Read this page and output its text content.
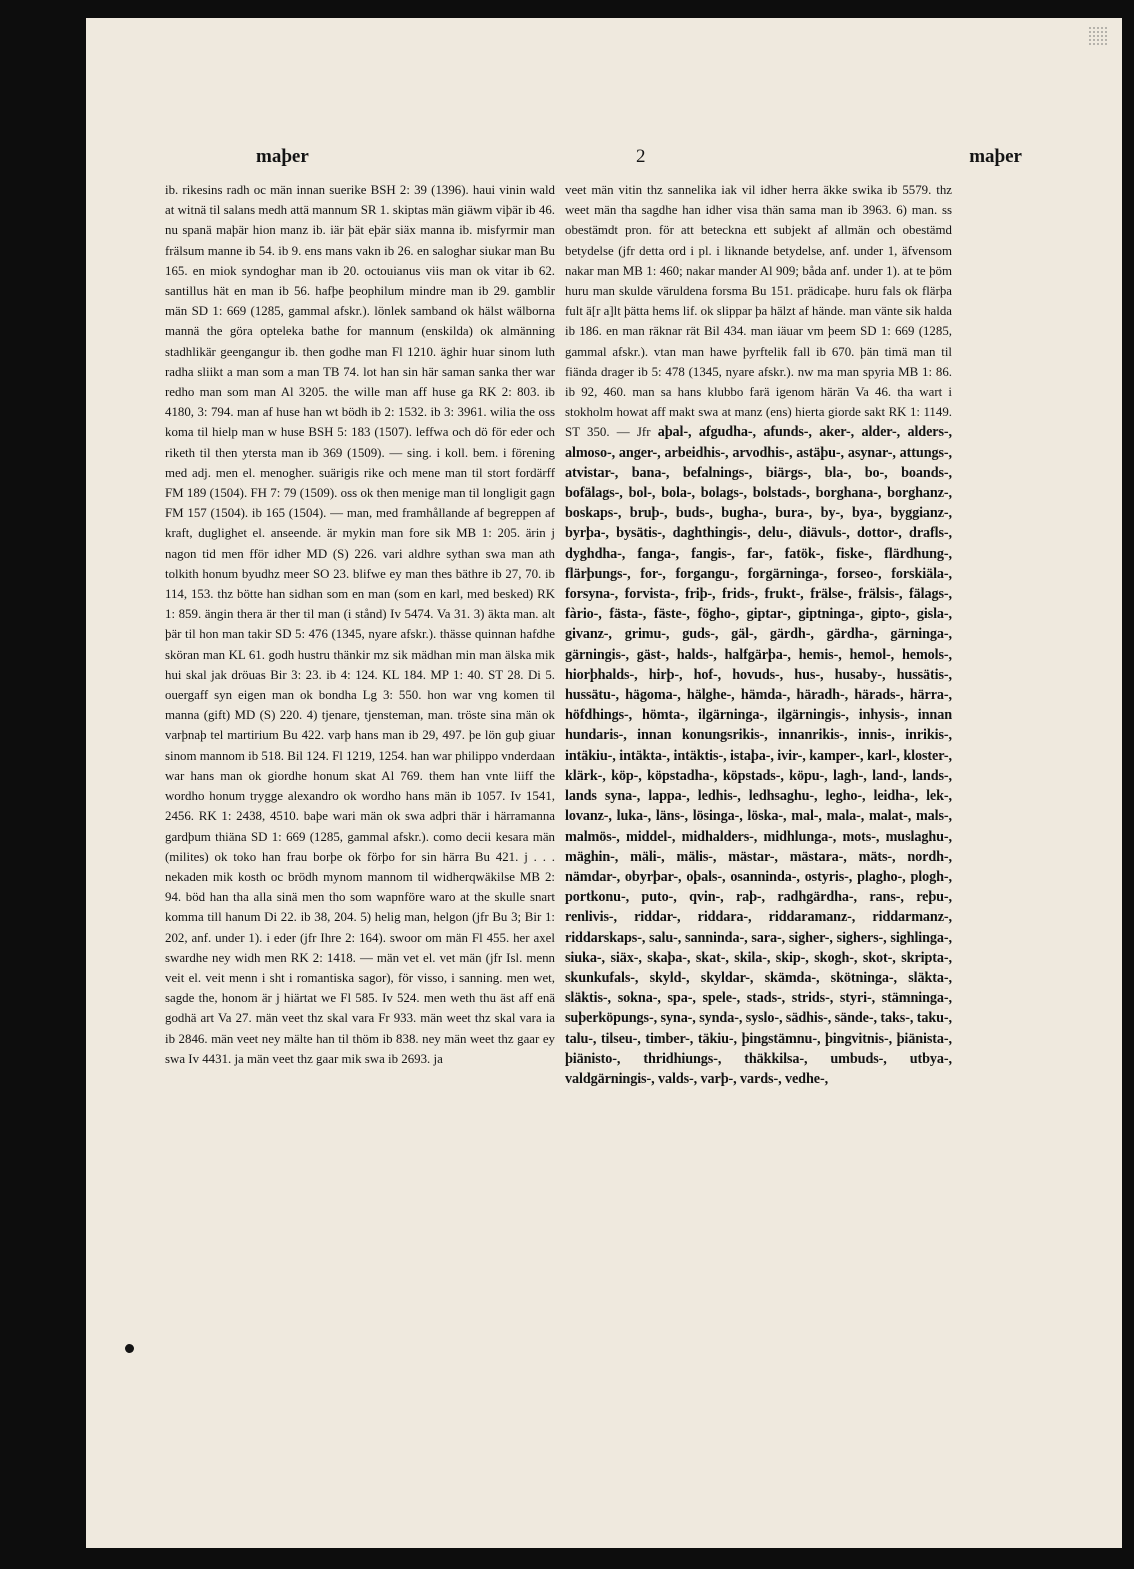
maþer	2	maþer
ib. rikesins radh oc män innan suerike BSH 2: 39 (1396). haui vinin wald at witnä til salans medh attä mannum SR 1. skiptas män giäwm viþär ib 46. nu spanä maþär hion manz ib. iär þät eþär siäx manna ib. misfyrmir man frälsum manne ib 54. ib 9. ens mans vakn ib 26. en saloghar siukar man Bu 165. en miok syndoghar man ib 20. octouianus viis man ok vitar ib 62. santillus hät en man ib 56. hafþe þeophilum mindre man ib 29. gamblir män SD 1: 669 (1285, gammal afskr.). lönlek samband ok hälst wälborna mannä the göra opteleka bathe for mannum (enskilda) ok almänning stadhlikär geengangur ib. then godhe man Fl 1210. äghir huar sinom luth radha sliikt a man som a man TB 74. lot han sin här saman sanka ther war redho man som man Al 3205. the wille man aff huse ga RK 2: 803. ib 4180, 3: 794. man af huse han wt bödh ib 2: 1532. ib 3: 3961. wilia the oss koma til hielp man w huse BSH 5: 183 (1507). leffwa och dö för eder och riketh til then ytersta man ib 369 (1509). — sing. i koll. bem. i förening med adj. men el. menogher. suärigis rike och mene man til stort fordärff FM 189 (1504). FH 7: 79 (1509). oss ok then menige man til longligit gagn FM 157 (1504). ib 165 (1504). — man, med framhållande af begreppen af kraft, duglighet el. anseende. är mykin man fore sik MB 1: 205. ärin j nagon tid men fför idher MD (S) 226. vari aldhre sythan swa man ath tolkith honum byudhz meer SO 23. blifwe ey man thes bäthre ib 27, 70. ib 114, 153. thz bötte han sidhan som en man (som en karl, med besked) RK 1: 859. ängin thera är ther til man (i stånd) Iv 5474. Va 31. 3) äkta man. alt þär til hon man takir SD 5: 476 (1345, nyare afskr.). thässe quinnan hafdhe sköran man KL 61. godh hustru thänkir mz sik mädhan min man älska mik hui skal jak dröuas Bir 3: 23. ib 4: 124. KL 184. MP 1: 40. ST 28. Di 5. ouergaff syn eigen man ok bondha Lg 3: 550. hon war vng komen til manna (gift) MD (S) 220. 4) tjenare, tjensteman, man. tröste sina män ok varþnaþ tel martirium Bu 422. varþ hans man ib 29, 497. þe lön guþ giuar sinom mannom ib 518. Bil 124. Fl 1219, 1254. han war philippo vnderdaan war hans man ok giordhe honum skat Al 769. them han vnte liiff the wordho honum trygge alexandro ok wordho hans män ib 1057. Iv 1541, 2456. RK 1: 2438, 4510. baþe wari män ok swa adþri thär i härramanna gardþum thiäna SD 1: 669 (1285, gammal afskr.). como decii kesara män (milites) ok toko han frau borþe ok förþo for sin härra Bu 421. j . . . nekaden mik kosth oc brödh mynom mannom til widherqwäkilse MB 2: 94. böd han tha alla sinä men tho som wapnföre waro at the skulle snart komma till hanum Di 22. ib 38, 204. 5) helig man, helgon (jfr Bu 3; Bir 1: 202, anf. under 1). i eder (jfr Ihre 2: 164). swoor om män Fl 455. her axel swardhe ney widh men RK 2: 1418. — män vet el. vet män (jfr Isl. menn veit el. veit menn i sht i romantiska sagor), för visso, i sanning. men wet, sagde the, honom är j hiärtat we Fl 585. Iv 524. men weth thu äst aff enä godhä art Va 27. män veet thz skal vara Fr 933. män weet thz skal vara ia ib 2846. män veet ney mälte han til thöm ib 838. ney män weet thz gaar ey swa Iv 4431. ja män veet thz gaar mik swa ib 2693. ja
veet män vitin thz sannelika iak vil idher herra äkke swika ib 5579. thz weet män tha sagdhe han idher visa thän sama man ib 3963. 6) man. ss obestämdt pron. för att beteckna ett subjekt af allmän och obestämd betydelse (jfr detta ord i pl. i liknande betydelse, anf. under 1, äfvensom nakar man MB 1: 460; nakar mander Al 909; båda anf. under 1). at te þöm huru man skulde väruldena forsma Bu 151. prädicaþe. huru fals ok flärþa fult ä[r a]lt þätta hems lif. ok slippar þa hälzt af hände. man vänte sik halda ib 186. en man räknar rät Bil 434. man iäuar vm þeem SD 1: 669 (1285, gammal afskr.). vtan man hawe þyrftelik fall ib 670. þän timä man til fiända drager ib 5: 478 (1345, nyare afskr.). nw ma man spyria MB 1: 86. ib 92, 460. man sa hans klubbo farä igenom härän Va 46. tha wart i stokholm howat aff makt swa at manz (ens) hierta giorde sakt RK 1: 1149. ST 350. — Jfr aþal-, afgudha-, afunds-, aker-, alder-, alders-, almoso-, anger-, arbeidhis-, arvodhis-, astäþu-, asynar-, attungs-, atvistar-, bana-, befalnings-, biärgs-, bla-, bo-, boands-, bofälags-, bol-, bola-, bolags-, bolstads-, borghana-, borghanz-, boskaps-, bruþ-, buds-, bugha-, bura-, by-, bya-, byggianz-, byrþa-, bysätis-, daghthingis-, delu-, diävuls-, dottor-, drafls-, dyghdha-, fanga-, fangis-, far-, fatök-, fiske-, flärdhung-, flärþungs-, for-, forgangu-, forgärninga-, forseo-, forskiäla-, forsyna-, forvista-, friþ-, frids-, frukt-, frälse-, frälsis-, fälags-, fàrio-, fästa-, fäste-, fögho-, giptar-, giptninga-, gipto-, gisla-, givanz-, grimu-, guds-, gäl-, gärdh-, gärdha-, gärninga-, gärningis-, gäst-, halds-, halfgärþa-, hemis-, hemol-, hemols-, hiorþhalds-, hirþ-, hof-, hovuds-, hus-, husaby-, hussätis-, hussätu-, hägoma-, hälghe-, hämda-, häradh-, härads-, härra-, höfdhings-, hömta-, ilgärninga-, ilgärningis-, inhysis-, innan hundaris-, innan konungsrikis-, innanrikis-, innis-, inrikis-, intäkiu-, intäkta-, intäktis-, istaþa-, ivir-, kamper-, karl-, kloster-, klärk-, köp-, köpstadha-, köpstads-, köpu-, lagh-, land-, lands-, lands syna-, lappa-, ledhis-, ledhsaghu-, legho-, leidha-, lek-, lovanz-, luka-, läns-, lösinga-, löska-, mal-, mala-, malat-, mals-, malmös-, middel-, midhalders-, midhlunga-, mots-, muslaghu-, mäghin-, mäli-, mälis-, mästar-, mästara-, mäts-, nordh-, nämdar-, obyrþar-, oþals-, osanninda-, ostyris-, plagho-, plogh-, portkonu-, puto-, qvin-, raþ-, radhgärdha-, rans-, reþu-, renlivis-, riddar-, riddara-, riddaramanz-, riddarmanz-, riddarskaps-, salu-, sanninda-, sara-, sigher-, sighers-, sighlinga-, siuka-, siäx-, skaþa-, skat-, skila-, skip-, skogh-, skot-, skripta-, skunkufals-, skyld-, skyldar-, skämda-, skötninga-, släkta-, släktis-, sokna-, spa-, spele-, stads-, strids-, styri-, stämninga-, suþerköpungs-, syna-, synda-, syslo-, sädhis-, sände-, taks-, taku-, talu-, tilseu-, timber-, täkiu-, þingstämnu-, þingvitnis-, þiänista-, þiänisto-, thridhiungs-, thäkkilsa-, umbuds-, utbya-, valdgärningis-, valds-, varþ-, vards-, vedhe-,
